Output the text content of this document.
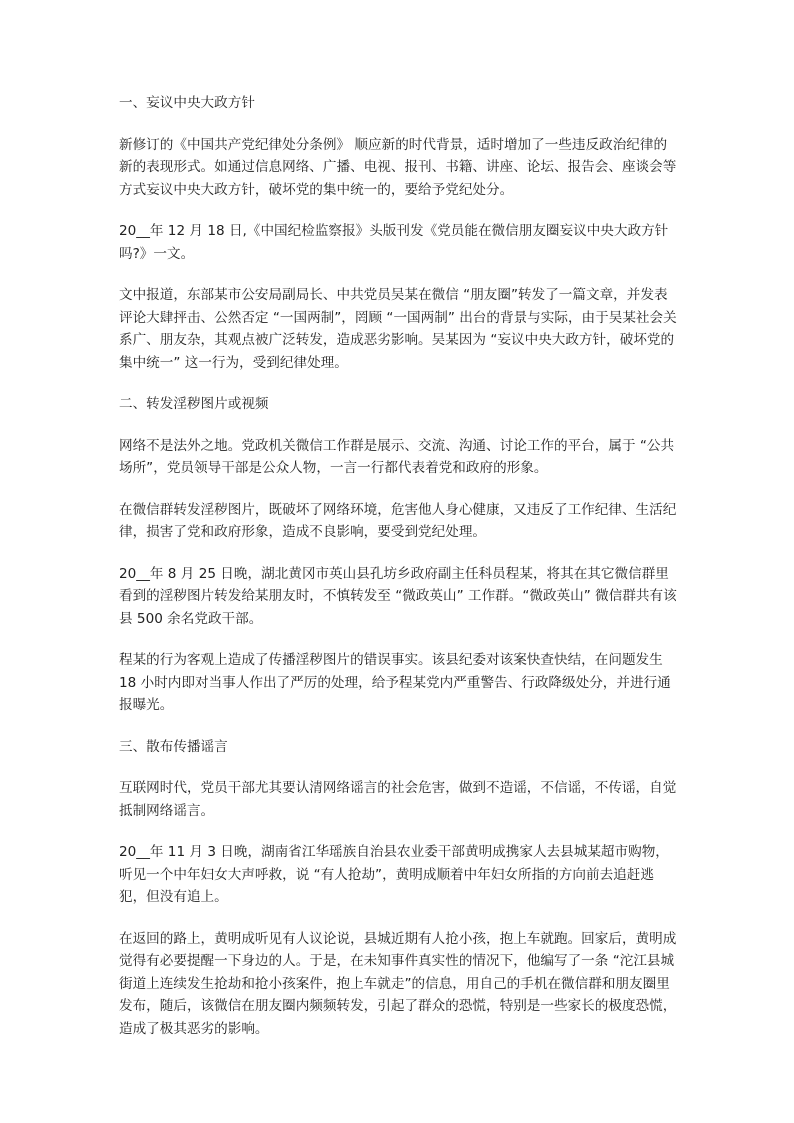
一、妄议中央大政方针

新修订的《中国共产党纪律处分条例》 顺应新的时代背景，适时增加了一些违反政治纪律的新的表现形式。如通过信息网络、广播、电视、报刊、书籍、讲座、论坛、报告会、座谈会等方式妄议中央大政方针，破坏党的集中统一的，要给予党纪处分。

20__年 12 月 18 日,《中国纪检监察报》头版刊发《党员能在微信朋友圈妄议中央大政方针吗?》一文。

文中报道，东部某市公安局副局长、中共党员吴某在微信 “朋友圈”转发了一篇文章，并发表评论大肆抨击、公然否定 “一国两制”，罔顾 “一国两制” 出台的背景与实际，由于吴某社会关系广、朋友杂，其观点被广泛转发，造成恶劣影响。吴某因为 “妄议中央大政方针，破坏党的集中统一” 这一行为，受到纪律处理。

二、转发淫秽图片或视频

网络不是法外之地。党政机关微信工作群是展示、交流、沟通、讨论工作的平台，属于 “公共场所”，党员领导干部是公众人物，一言一行都代表着党和政府的形象。

在微信群转发淫秽图片，既破坏了网络环境，危害他人身心健康，又违反了工作纪律、生活纪律，损害了党和政府形象，造成不良影响，要受到党纪处理。

20__年 8 月 25 日晚，湖北黄冈市英山县孔坊乡政府副主任科员程某，将其在其它微信群里看到的淫秽图片转发给某朋友时，不慎转发至 “微政英山” 工作群。“微政英山” 微信群共有该县 500 余名党政干部。

程某的行为客观上造成了传播淫秽图片的错误事实。该县纪委对该案快查快结，在问题发生 18 小时内即对当事人作出了严厉的处理，给予程某党内严重警告、行政降级处分，并进行通报曝光。

三、散布传播谣言

互联网时代，党员干部尤其要认清网络谣言的社会危害，做到不造谣，不信谣，不传谣，自觉抵制网络谣言。

20__年 11 月 3 日晚，湖南省江华瑶族自治县农业委干部黄明成携家人去县城某超市购物，听见一个中年妇女大声呼救，说 “有人抢劫”，黄明成顺着中年妇女所指的方向前去追赶逃犯，但没有追上。

在返回的路上，黄明成听见有人议论说，县城近期有人抢小孩，抱上车就跑。回家后，黄明成觉得有必要提醒一下身边的人。于是，在未知事件真实性的情况下，他编写了一条 “沱江县城街道上连续发生抢劫和抢小孩案件，抱上车就走”的信息，用自己的手机在微信群和朋友圈里发布，随后，该微信在朋友圈内频频转发，引起了群众的恐慌，特别是一些家长的极度恐慌，造成了极其恶劣的影响。
